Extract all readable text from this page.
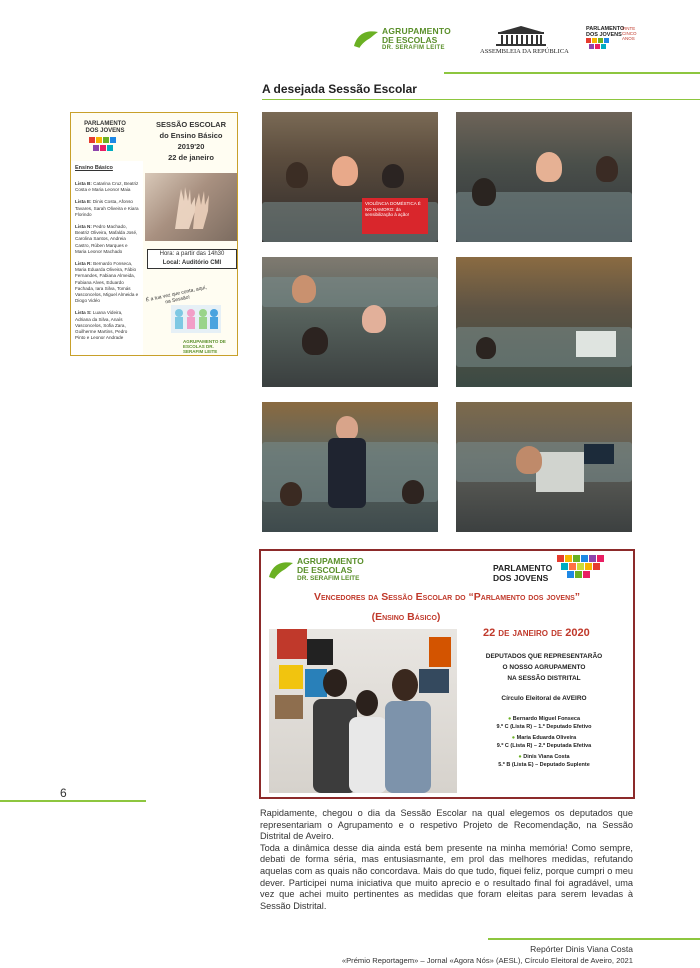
AGRUPAMENTO
DE ESCOLAS
DR. SERAFIM LEITE	ASSEMBLEIA DA REPÚBLICA
PARLAMENTO
DOS JOVENS
VINTE CINCO ANOS
A desejada Sessão Escolar
PARLAMENTO
DOS JOVENS
Ensino Básico

Lista B: Catarina Cruz, Beatriz Costa e Maria Leonor Maia

Lista E: Dinis Costa, Afonso Tavares, Sarah Oliveira e Kiara Florindo

Lista N: Pedro Machado, Beatriz Oliveira, Mafalda José, Carolina Santos, Andreia Castro, Rúben Marques e Maria Leonor Machado

Lista R: Bernardo Fonseca, Maria Eduarda Oliveira, Fábio Fernandes, Fabiana Almeida, Fabiana Alves, Eduardo Fachada, Iara Silva, Tomás Vasconcelos, Miguel Almeida e Diogo Vidéo

Lista S: Luana Videira, Adriana da Silva, Anaís Vasconcelos, Sofia Zara, Guilherme Martins, Pedro Pinto e Leonor Andrade

SESSÃO ESCOLAR
do Ensino Básico
2019'20
22 de janeiro
Hora: a partir das 14h30
Local: Auditório CMI
É a tua vez que conta, aqui, na Sessão!
AGRUPAMENTO DE ESCOLAS DR. SERAFIM LEITE
VIOLÊNCIA DOMÉSTICA É NO NAMORO: da sensibilização à ação!
AGRUPAMENTO
DE ESCOLAS
DR. SERAFIM LEITE
PARLAMENTO
DOS JOVENS
Vencedores da Sessão Escolar do “Parlamento dos jovens”
(Ensino Básico)
22 de janeiro de 2020
DEPUTADOS QUE REPRESENTARÃO
O NOSSO AGRUPAMENTO
NA SESSÃO DISTRITAL
Círculo Eleitoral de AVEIRO
● Bernardo Miguel Fonseca
9.º C (Lista R) – 1.º Deputado Efetivo
● Maria Eduarda Oliveira
9.º C (Lista R) – 2.º Deputada Efetiva
● Dinis Viana Costa
5.º B (Lista E) – Deputado Suplente
6

Rapidamente, chegou o dia da Sessão Escolar na qual elegemos os deputados que representariam o Agrupamento e o respetivo Projeto de Recomendação, na Sessão Distrital de Aveiro.

Toda a dinâmica desse dia ainda está bem presente na minha memória! Como sempre, debati de forma séria, mas entusiasmante, em prol das melhores medidas, refutando aquelas com as quais não concordava. Mais do que tudo, fiquei feliz, porque cumpri o meu dever. Participei numa iniciativa que muito aprecio e o resultado final foi agradável, uma vez que achei muito pertinentes as medidas que foram eleitas para serem levadas à Sessão Distrital.

Repórter Dinis Viana Costa
«Prémio Reportagem» – Jornal «Agora Nós» (AESL), Círculo Eleitoral de Aveiro, 2021
